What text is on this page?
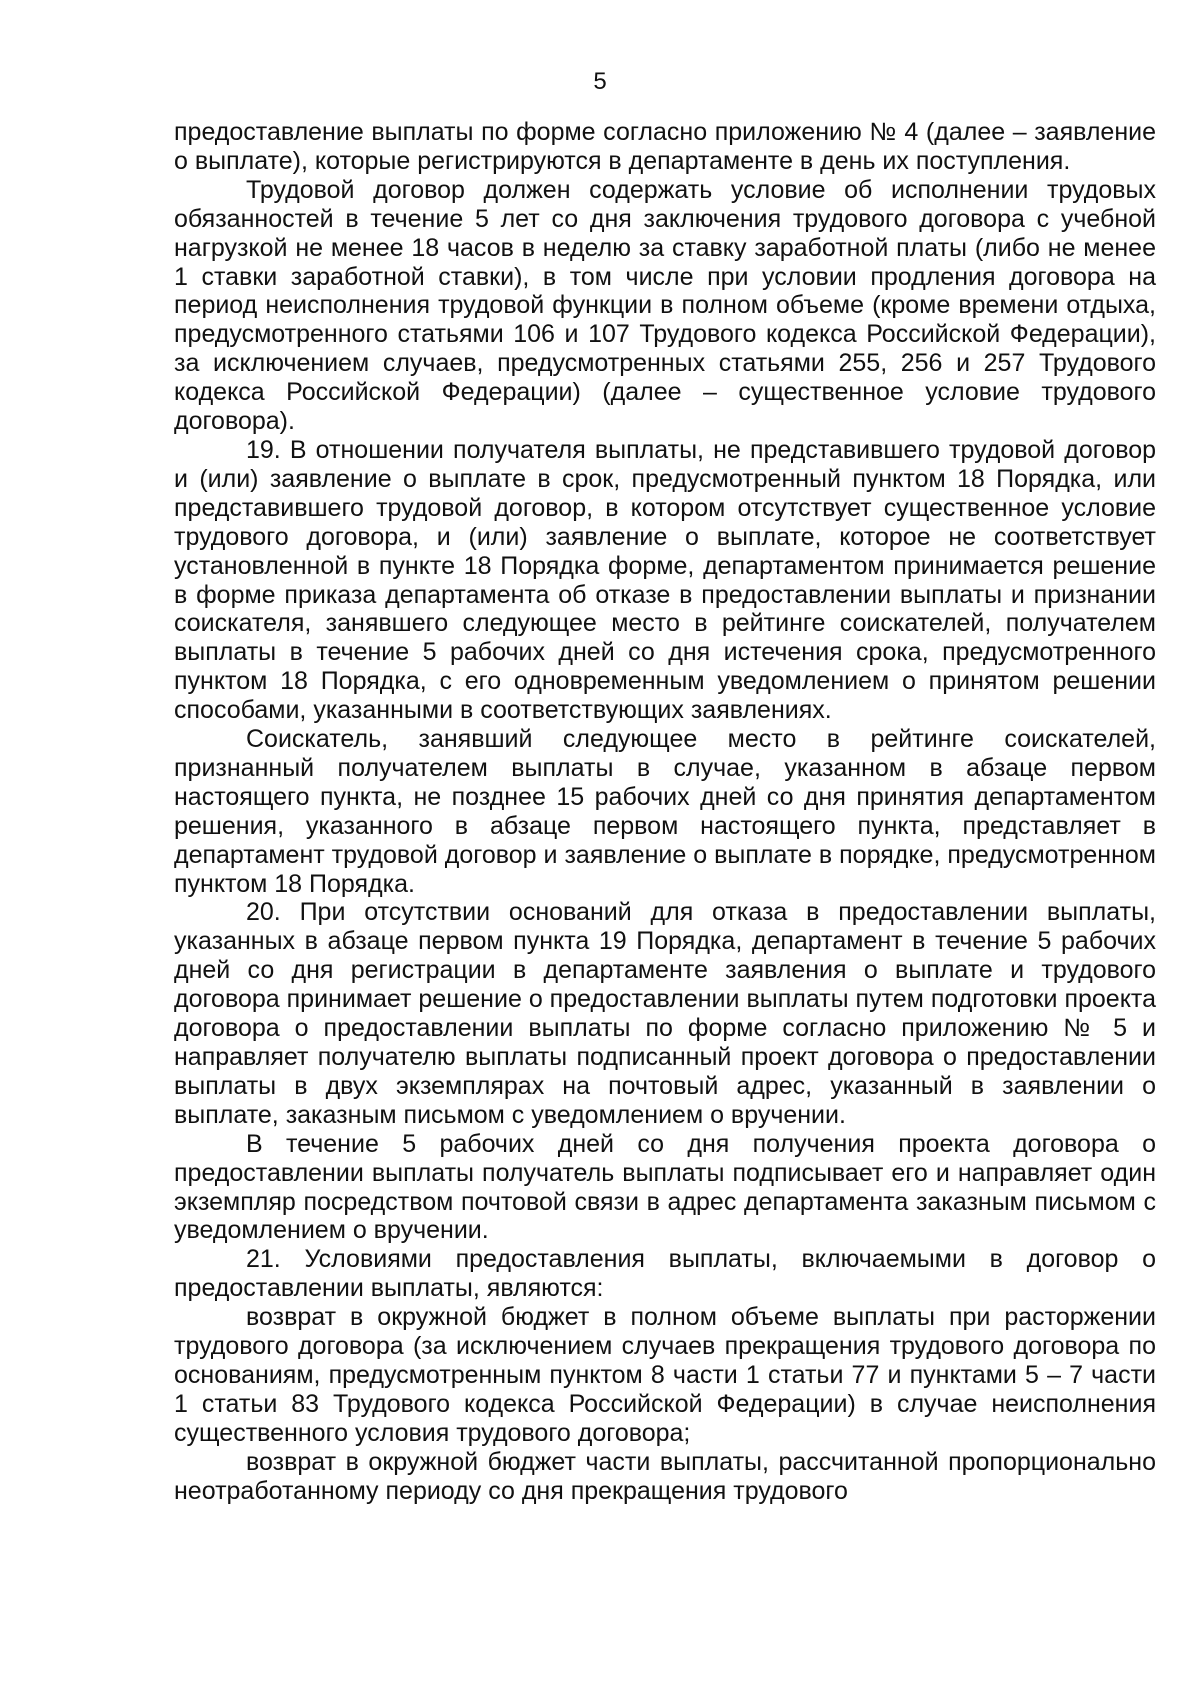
5

предоставление выплаты по форме согласно приложению № 4 (далее – заявление о выплате), которые регистрируются в департаменте в день их поступления.

Трудовой договор должен содержать условие об исполнении трудовых обязанностей в течение 5 лет со дня заключения трудового договора с учебной нагрузкой не менее 18 часов в неделю за ставку заработной платы (либо не менее 1 ставки заработной ставки), в том числе при условии продления договора на период неисполнения трудовой функции в полном объеме (кроме времени отдыха, предусмотренного статьями 106 и 107 Трудового кодекса Российской Федерации), за исключением случаев, предусмотренных статьями 255, 256 и 257 Трудового кодекса Российской Федерации) (далее – существенное условие трудового договора).

19. В отношении получателя выплаты, не представившего трудовой договор и (или) заявление о выплате в срок, предусмотренный пунктом 18 Порядка, или представившего трудовой договор, в котором отсутствует существенное условие трудового договора, и (или) заявление о выплате, которое не соответствует установленной в пункте 18 Порядка форме, департаментом принимается решение в форме приказа департамента об отказе в предоставлении выплаты и признании соискателя, занявшего следующее место в рейтинге соискателей, получателем выплаты в течение 5 рабочих дней со дня истечения срока, предусмотренного пунктом 18 Порядка, с его одновременным уведомлением о принятом решении способами, указанными в соответствующих заявлениях.

Соискатель, занявший следующее место в рейтинге соискателей, признанный получателем выплаты в случае, указанном в абзаце первом настоящего пункта, не позднее 15 рабочих дней со дня принятия департаментом решения, указанного в абзаце первом настоящего пункта, представляет в департамент трудовой договор и заявление о выплате в порядке, предусмотренном пунктом 18 Порядка.

20. При отсутствии оснований для отказа в предоставлении выплаты, указанных в абзаце первом пункта 19 Порядка, департамент в течение 5 рабочих дней со дня регистрации в департаменте заявления о выплате и трудового договора принимает решение о предоставлении выплаты путем подготовки проекта договора о предоставлении выплаты по форме согласно приложению № 5 и направляет получателю выплаты подписанный проект договора о предоставлении выплаты в двух экземплярах на почтовый адрес, указанный в заявлении о выплате, заказным письмом с уведомлением о вручении.

В течение 5 рабочих дней со дня получения проекта договора о предоставлении выплаты получатель выплаты подписывает его и направляет один экземпляр посредством почтовой связи в адрес департамента заказным письмом с уведомлением о вручении.

21. Условиями предоставления выплаты, включаемыми в договор о предоставлении выплаты, являются:

возврат в окружной бюджет в полном объеме выплаты при расторжении трудового договора (за исключением случаев прекращения трудового договора по основаниям, предусмотренным пунктом 8 части 1 статьи 77 и пунктами 5 – 7 части 1 статьи 83 Трудового кодекса Российской Федерации) в случае неисполнения существенного условия трудового договора;

возврат в окружной бюджет части выплаты, рассчитанной пропорционально неотработанному периоду со дня прекращения трудового
